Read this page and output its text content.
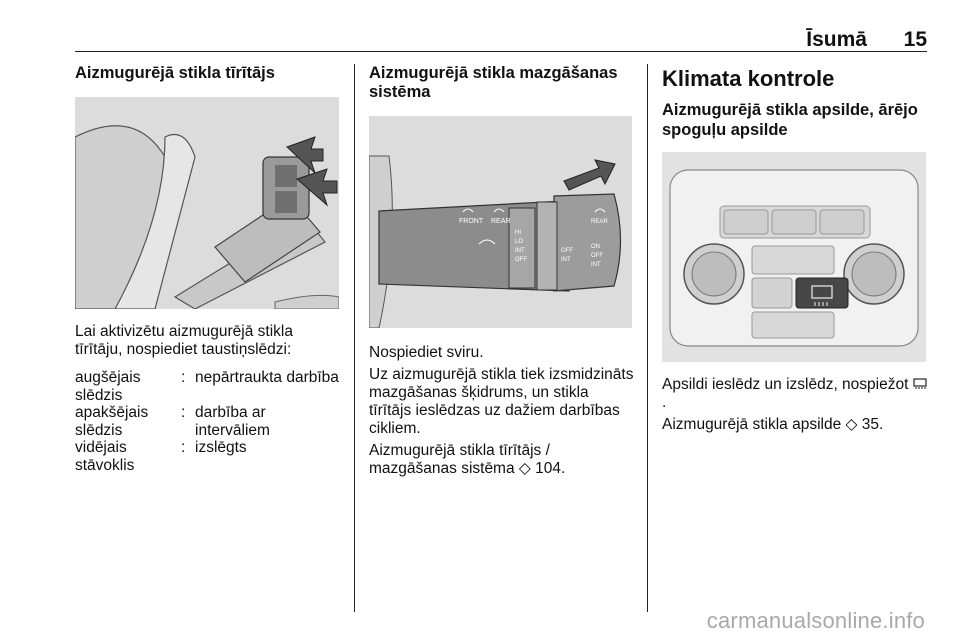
Īsumā 15
Aizmugurējā stikla tīrītājs

Lai aktivizētu aizmugurējā stikla tīrītāju, nospiediet taustiņslēdzi:

augšējais slēdzis
: nepārtraukta darbība
apakšējais slēdzis
: darbība ar intervāliem
vidējais stāvoklis
: izslēgts
Aizmugurējā stikla mazgāšanas sistēma
FRONT REAR
HI
LO
INT
OFF
OFF
INT
REAR
ON
OFF
INT

Nospiediet sviru.

Uz aizmugurējā stikla tiek izsmidzināts mazgāšanas šķidrums, un stikla tīrītājs ieslēdzas uz dažiem darbības cikliem.

Aizmugurējā stikla tīrītājs / mazgāšanas sistēma ◇ 104.

Klimata kontrole
Aizmugurējā stikla apsilde, ārējo spoguļu apsilde

Apsildi ieslēdz un izslēdz, nospiežot .

Aizmugurējā stikla apsilde ◇ 35.

carmanualsonline.info
